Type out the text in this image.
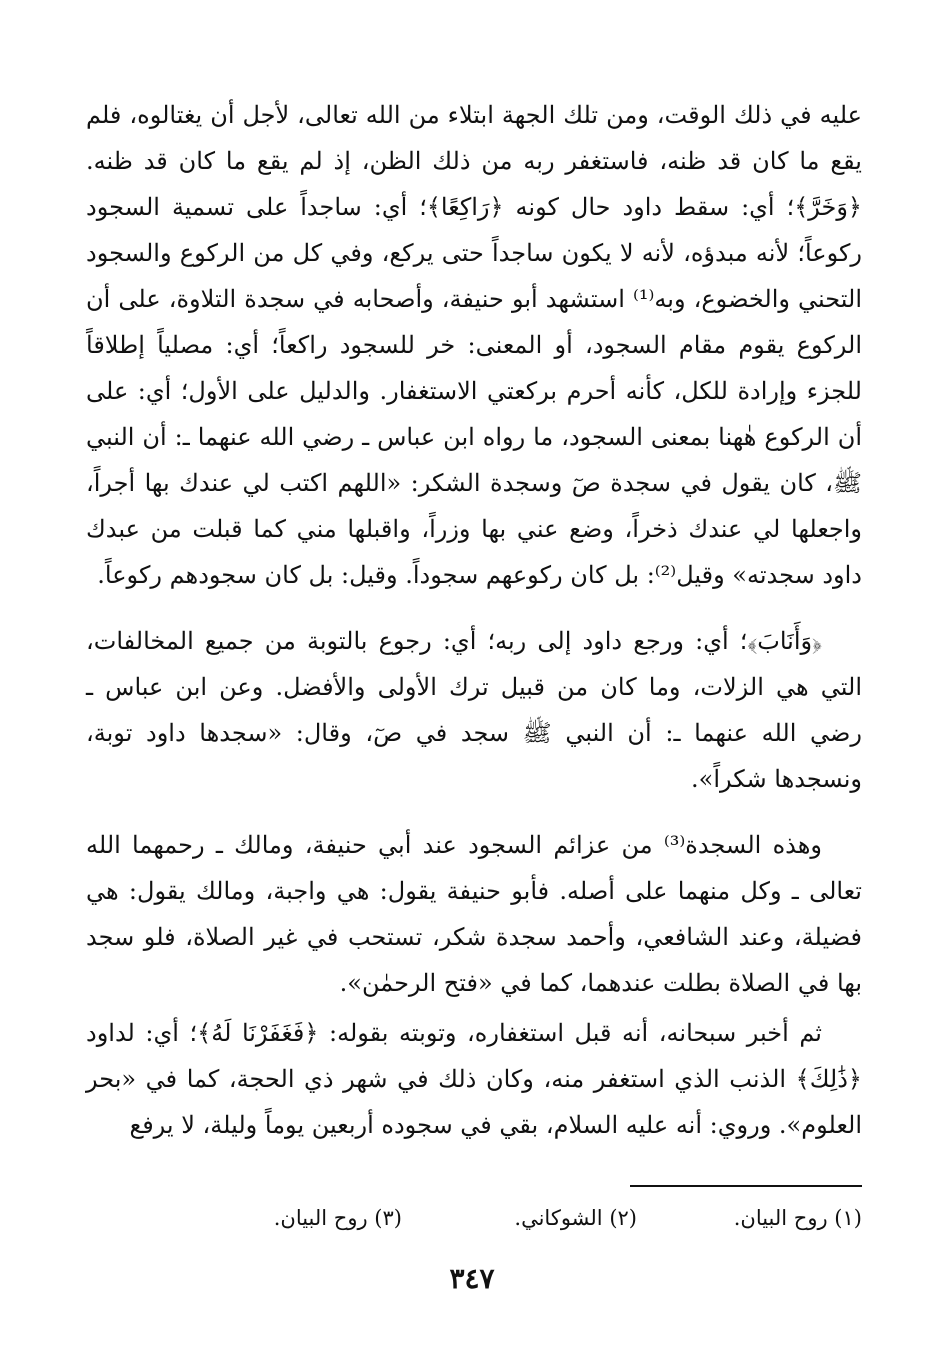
عليه في ذلك الوقت، ومن تلك الجهة ابتلاء من الله تعالى، لأجل أن يغتالوه، فلم يقع ما كان قد ظنه، فاستغفر ربه من ذلك الظن، إذ لم يقع ما كان قد ظنه. ﴿وَخَرَّ﴾؛ أي: سقط داود حال كونه ﴿رَاكِعًا﴾؛ أي: ساجداً على تسمية السجود ركوعاً؛ لأنه مبدؤه، لأنه لا يكون ساجداً حتى يركع، وفي كل من الركوع والسجود التحني والخضوع، وبه⁽¹⁾ استشهد أبو حنيفة، وأصحابه في سجدة التلاوة، على أن الركوع يقوم مقام السجود، أو المعنى: خر للسجود راكعاً؛ أي: مصلياً إطلاقاً للجزء وإرادة للكل، كأنه أحرم بركعتي الاستغفار. والدليل على الأول؛ أي: على أن الركوع هٰهنا بمعنى السجود، ما رواه ابن عباس ـ رضي الله عنهما ـ: أن النبي ﷺ، كان يقول في سجدة صٓ وسجدة الشكر: «اللهم اكتب لي عندك بها أجراً، واجعلها لي عندك ذخراً، وضع عني بها وزراً، واقبلها مني كما قبلت من عبدك داود سجدته» وقيل⁽²⁾: بل كان ركوعهم سجوداً. وقيل: بل كان سجودهم ركوعاً.

﴿وَأَنَابَ﴾؛ أي: ورجع داود إلى ربه؛ أي: رجوع بالتوبة من جميع المخالفات، التي هي الزلات، وما كان من قبيل ترك الأولى والأفضل. وعن ابن عباس ـ رضي الله عنهما ـ: أن النبي ﷺ سجد في صٓ، وقال: «سجدها داود توبة، ونسجدها شكراً».

وهذه السجدة⁽³⁾ من عزائم السجود عند أبي حنيفة، ومالك ـ رحمهما الله تعالى ـ وكل منهما على أصله. فأبو حنيفة يقول: هي واجبة، ومالك يقول: هي فضيلة، وعند الشافعي، وأحمد سجدة شكر، تستحب في غير الصلاة، فلو سجد بها في الصلاة بطلت عندهما، كما في «فتح الرحمٰن».

ثم أخبر سبحانه، أنه قبل استغفاره، وتوبته بقوله: ﴿فَغَفَرْنَا لَهُ﴾؛ أي: لداود ﴿ذَٰلِكَ﴾ الذنب الذي استغفر منه، وكان ذلك في شهر ذي الحجة، كما في «بحر العلوم». وروي: أنه عليه السلام، بقي في سجوده أربعين يوماً وليلة، لا يرفع

(١) روح البيان.
(٢) الشوكاني.
(٣) روح البيان.
٣٤٧
